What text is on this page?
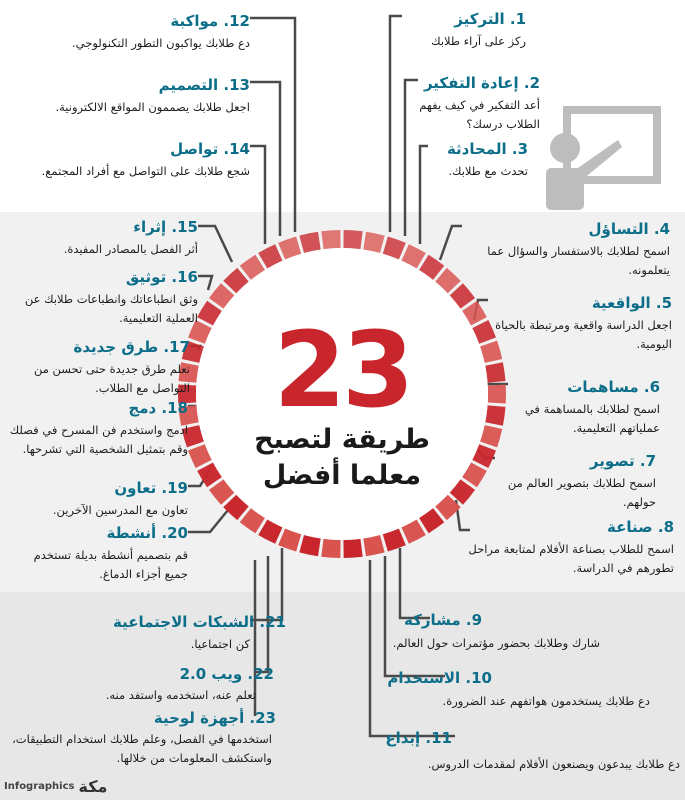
23
طريقة لتصبح
معلما أفضل
1. التركيز
ركز على آراء طلابك
2. إعادة التفكير
أعد التفكير في كيف يفهم الطلاب درسك؟
3. المحادثة
تحدث مع طلابك.
12. مواكبة
دع طلابك يواكبون التطور التكنولوجي.
13. التصميم
اجعل طلابك يصممون المواقع الالكترونية.
14. تواصل
شجع طلابك على التواصل مع أفراد المجتمع.
4. التساؤل
اسمح لطلابك بالاستفسار والسؤال عما يتعلمونه.
5. الواقعية
اجعل الدراسة واقعية ومرتبطة بالحياة اليومية.
6. مساهمات
اسمح لطلابك بالمساهمة في عملياتهم التعليمية.
7. تصوير
اسمح لطلابك بتصوير العالم من حولهم.
8. صناعة
اسمح للطلاب بصناعة الأفلام لمتابعة مراحل تطورهم في الدراسة.
15. إثراء
أثر الفصل بالمصادر المفيدة.
16. توثيق
وثق انطباعاتك وانطباعات طلابك عن العملية التعليمية.
17. طرق جديدة
تعلم طرق جديدة حتى تحسن من التواصل مع الطلاب.
18. دمج
ادمج واستخدم فن المسرح في فصلك وقم بتمثيل الشخصية التي تشرحها.
19. تعاون
تعاون مع المدرسين الآخرين.
20. أنشطة
قم بتصميم أنشطة بديلة تستخدم جميع أجزاء الدماغ.
9. مشاركة
شارك وطلابك بحضور مؤتمرات حول العالم.
10. الاستخدام
دع طلابك يستخدمون هواتفهم عند الضرورة.
11. إبداع
دع طلابك يبدعون ويصنعون الأفلام لمقدمات الدروس.
21. الشبكات الاجتماعية
كن اجتماعيا.
22. ويب 2.0
تعلم عنه، استخدمه واستفد منه.
23. أجهزة لوحية
استخدمها في الفصل، وعلم طلابك استخدام التطبيقات، واستكشف المعلومات من خلالها.
Infographics مكة
